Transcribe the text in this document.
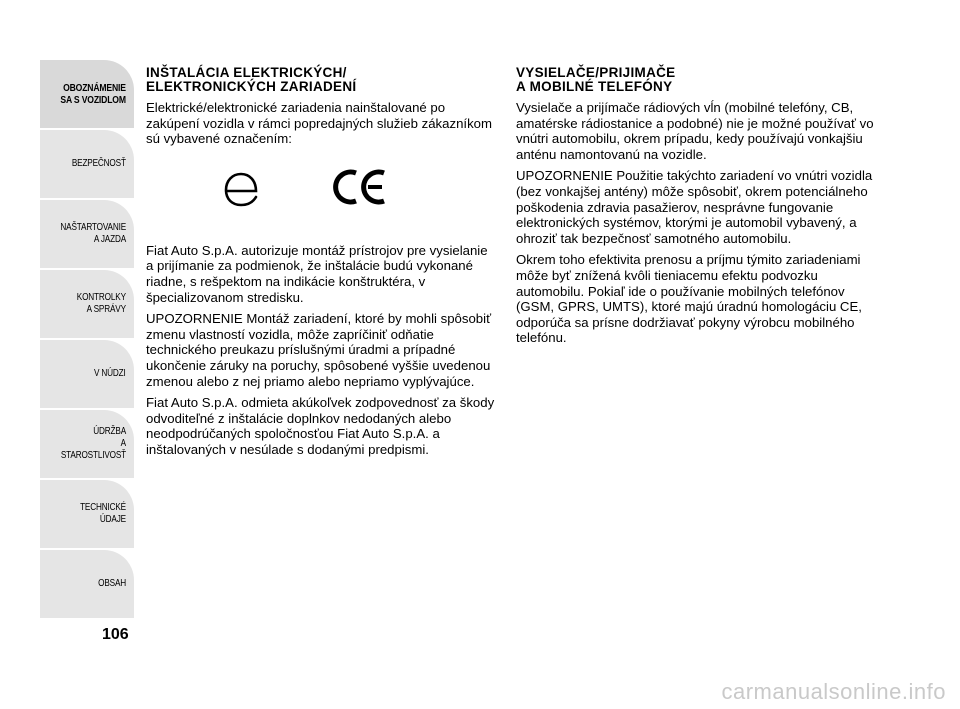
OBOZNÁMENIE
SA S VOZIDLOM
BEZPEČNOSŤ
NAŠTARTOVANIE
A JAZDA
KONTROLKY
A SPRÁVY
V NÚDZI
ÚDRŽBA
A STAROSTLIVOSŤ
TECHNICKÉ
ÚDAJE
OBSAH
106
INŠTALÁCIA ELEKTRICKÝCH/
ELEKTRONICKÝCH ZARIADENÍ

Elektrické/elektronické zariadenia nainštalované po zakúpení vozidla v rámci popredajných služieb zákazníkom sú vybavené označením:

Fiat Auto S.p.A. autorizuje montáž prístrojov pre vysielanie a prijímanie za podmienok, že inštalácie budú vykonané riadne, s rešpektom na indikácie konštruktéra, v špecializovanom stredisku.

UPOZORNENIE Montáž zariadení, ktoré by mohli spôsobiť zmenu vlastností vozidla, môže zapríčiniť odňatie technického preukazu príslušnými úradmi a prípadné ukončenie záruky na poruchy, spôsobené vyššie uvedenou zmenou alebo z nej priamo alebo nepriamo vyplývajúce.

Fiat Auto S.p.A. odmieta akúkoľvek zodpovednosť za škody odvoditeľné z inštalácie doplnkov nedodaných alebo neodpodrúčaných spoločnosťou Fiat Auto S.p.A. a inštalovaných v nesúlade s dodanými predpismi.

VYSIELAČE/PRIJIMAČE
A MOBILNÉ TELEFÓNY

Vysielače a prijímače rádiových vĺn (mobilné telefóny, CB, amatérske rádiostanice a podobné) nie je možné používať vo vnútri automobilu, okrem prípadu, kedy používajú vonkajšiu anténu namontovanú na vozidle.

UPOZORNENIE Použitie takýchto zariadení vo vnútri vozidla (bez vonkajšej antény) môže spôsobiť, okrem potenciálneho poškodenia zdravia pasažierov, nesprávne fungovanie elektronických systémov, ktorými je automobil vybavený, a ohroziť tak bezpečnosť samotného automobilu.

Okrem toho efektivita prenosu a príjmu týmito zariadeniami môže byť znížená kvôli tieniacemu efektu podvozku automobilu. Pokiaľ ide o používanie mobilných telefónov (GSM, GPRS, UMTS), ktoré majú úradnú homologáciu CE, odporúča sa prísne dodržiavať pokyny výrobcu mobilného telefónu.

carmanualsonline.info
